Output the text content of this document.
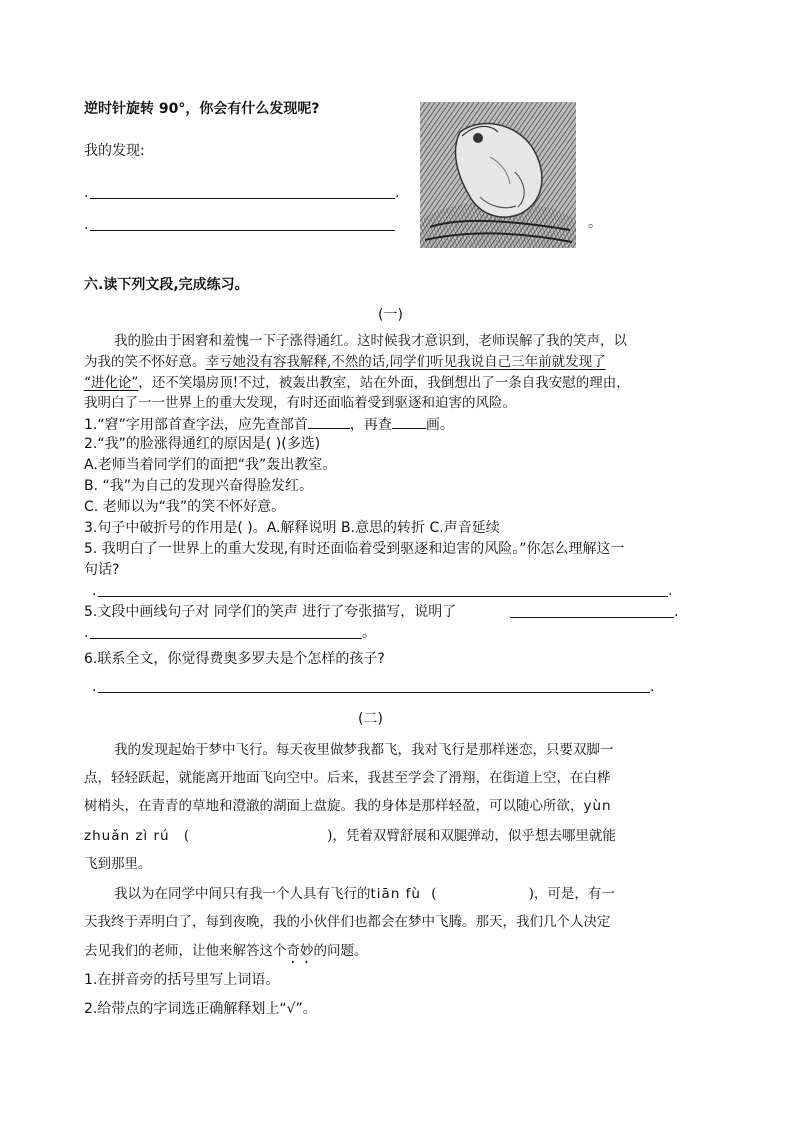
逆时针旋转 90°，你会有什么发现呢?
我的发现:
.	.
.	。
六.读下列文段,完成练习。
(一)
我的脸由于困窘和羞愧一下子涨得通红。这时候我才意识到，老师误解了我的笑声，以
为我的笑不怀好意。幸亏她没有容我解释,不然的话,同学们听见我说自己三年前就发现了
“进化论”，还不笑塌房顶!不过，被轰出教室，站在外面，我倒想出了一条自我安慰的理由，
我明白了一一世界上的重大发现，有时还面临着受到驱逐和迫害的风险。
1.“窘”字用部首查字法，应先查部首	，再查 画。
2.“我”的脸涨得通红的原因是( )(多选)
A.老师当着同学们的面把“我”轰出教室。
B. “我”为自己的发现兴奋得脸发红。
C. 老师以为“我”的笑不怀好意。
3.句子中破折号的作用是( )。A.解释说明 B.意思的转折 C.声音延续
5. 我明白了一世界上的重大发现,有时还面临着受到驱逐和迫害的风险。”你怎么理解这一
句话?
.	.
5.文段中画线句子对 同学们的笑声 进行了夸张描写，说明了	.
.	。
6.联系全文，你觉得费奥多罗夫是个怎样的孩子?
.	.
(二)
我的发现起始于梦中飞行。每天夜里做梦我都飞，我对飞行是那样迷恋，只要双脚一
点，轻轻跃起，就能离开地面飞向空中。后来，我甚至学会了滑翔，在街道上空，在白桦
树梢头，在青青的草地和澄澈的湖面上盘旋。我的身体是那样轻盈，可以随心所欲，yùn
zhuǎn zì rú (	)，凭着双臂舒展和双腿弹动，似乎想去哪里就能
飞到那里。
我以为在同学中间只有我一个人具有飞行的tiān fù (	)，可是，有一
天我终于弄明白了，每到夜晚，我的小伙伴们也都会在梦中飞腾。那天，我们几个人决定
去见我们的老师，让他来解答这个奇妙的问题。
1.在拼音旁的括号里写上词语。
2.给带点的字词选正确解释划上“√”。
